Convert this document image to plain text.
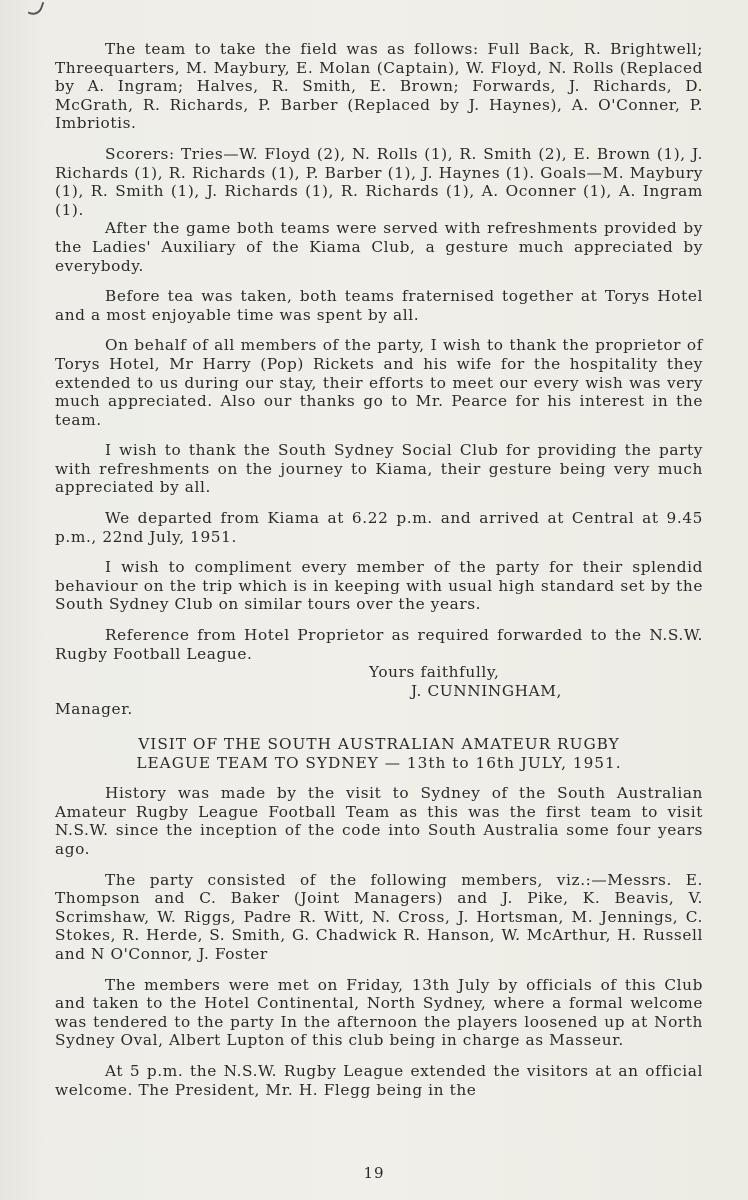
The team to take the field was as follows: Full Back, R. Brightwell; Threequarters, M. Maybury, E. Molan (Captain), W. Floyd, N. Rolls (Replaced by A. Ingram; Halves, R. Smith, E. Brown; Forwards, J. Richards, D. McGrath, R. Richards, P. Barber (Replaced by J. Haynes), A. O'Conner, P. Imbriotis.

Scorers: Tries—W. Floyd (2), N. Rolls (1), R. Smith (2), E. Brown (1), J. Richards (1), R. Richards (1), P. Barber (1), J. Haynes (1). Goals—M. Maybury (1), R. Smith (1), J. Richards (1), R. Richards (1), A. Oconner (1), A. Ingram (1).

After the game both teams were served with refreshments provided by the Ladies' Auxiliary of the Kiama Club, a gesture much appreciated by everybody.

Before tea was taken, both teams fraternised together at Torys Hotel and a most enjoyable time was spent by all.

On behalf of all members of the party, I wish to thank the proprietor of Torys Hotel, Mr Harry (Pop) Rickets and his wife for the hospitality they extended to us during our stay, their efforts to meet our every wish was very much appreciated. Also our thanks go to Mr. Pearce for his interest in the team.

I wish to thank the South Sydney Social Club for providing the party with refreshments on the journey to Kiama, their gesture being very much appreciated by all.

We departed from Kiama at 6.22 p.m. and arrived at Central at 9.45 p.m., 22nd July, 1951.

I wish to compliment every member of the party for their splendid behaviour on the trip which is in keeping with usual high standard set by the South Sydney Club on similar tours over the years.

Reference from Hotel Proprietor as required forwarded to the N.S.W. Rugby Football League.

Yours faithfully,

J. CUNNINGHAM,

Manager.

VISIT OF THE SOUTH AUSTRALIAN AMATEUR RUGBY
LEAGUE TEAM TO SYDNEY — 13th to 16th JULY, 1951.

History was made by the visit to Sydney of the South Australian Amateur Rugby League Football Team as this was the first team to visit N.S.W. since the inception of the code into South Australia some four years ago.

The party consisted of the following members, viz.:—Messrs. E. Thompson and C. Baker (Joint Managers) and J. Pike, K. Beavis, V. Scrimshaw, W. Riggs, Padre R. Witt, N. Cross, J. Hortsman, M. Jennings, C. Stokes, R. Herde, S. Smith, G. Chadwick R. Hanson, W. McArthur, H. Russell and N O'Connor, J. Foster

The members were met on Friday, 13th July by officials of this Club and taken to the Hotel Continental, North Sydney, where a formal welcome was tendered to the party In the afternoon the players loosened up at North Sydney Oval, Albert Lupton of this club being in charge as Masseur.

At 5 p.m. the N.S.W. Rugby League extended the visitors at an official welcome. The President, Mr. H. Flegg being in the

19
